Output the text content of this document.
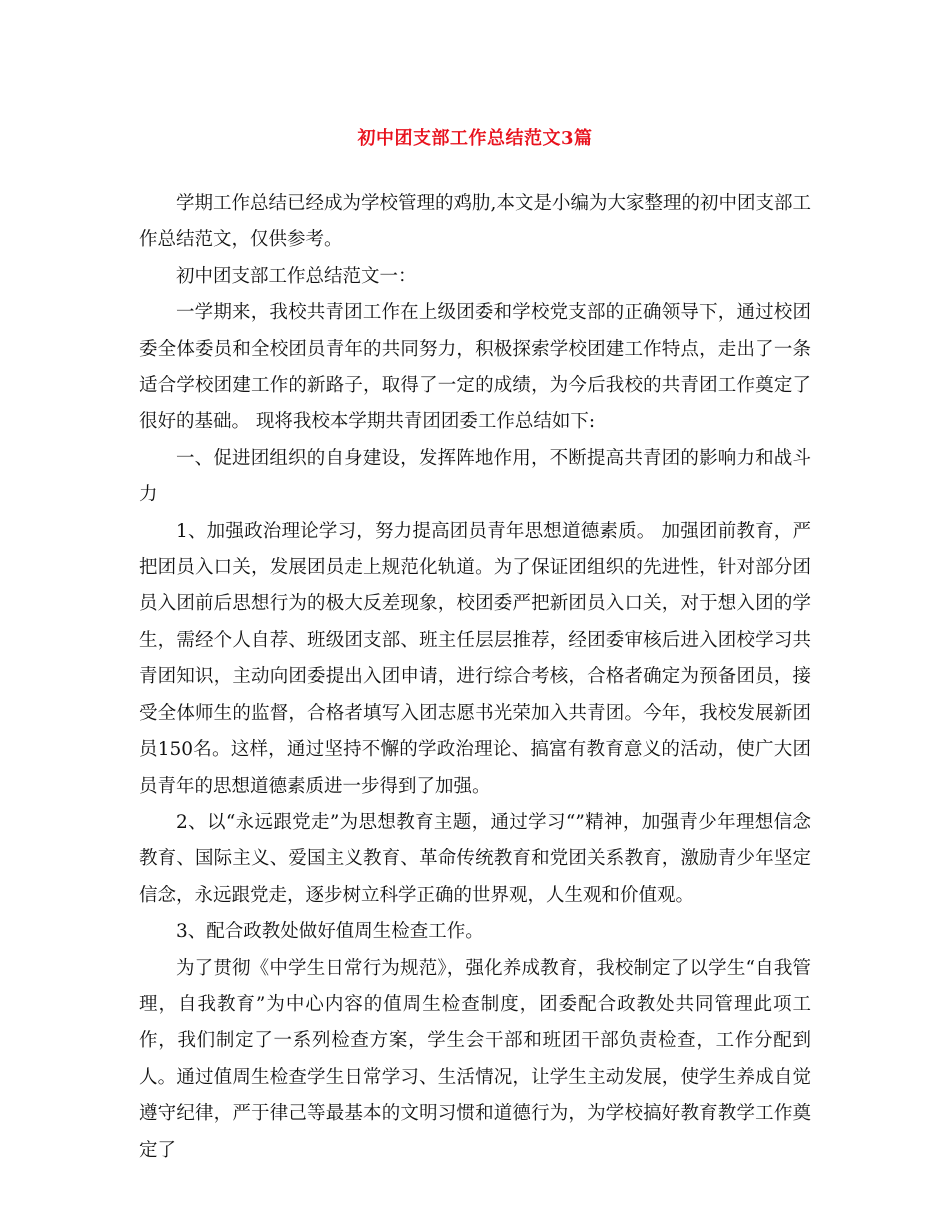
初中团支部工作总结范文3篇

学期工作总结已经成为学校管理的鸡肋,本文是小编为大家整理的初中团支部工作总结范文，仅供参考。

初中团支部工作总结范文一：

一学期来，我校共青团工作在上级团委和学校党支部的正确领导下，通过校团委全体委员和全校团员青年的共同努力，积极探索学校团建工作特点，走出了一条适合学校团建工作的新路子，取得了一定的成绩，为今后我校的共青团工作奠定了很好的基础。 现将我校本学期共青团团委工作总结如下:

一、促进团组织的自身建设，发挥阵地作用，不断提高共青团的影响力和战斗力

1、加强政治理论学习，努力提高团员青年思想道德素质。 加强团前教育，严把团员入口关，发展团员走上规范化轨道。为了保证团组织的先进性，针对部分团员入团前后思想行为的极大反差现象，校团委严把新团员入口关，对于想入团的学生，需经个人自荐、班级团支部、班主任层层推荐，经团委审核后进入团校学习共青团知识，主动向团委提出入团申请，进行综合考核，合格者确定为预备团员，接受全体师生的监督，合格者填写入团志愿书光荣加入共青团。今年，我校发展新团员150名。这样，通过坚持不懈的学政治理论、搞富有教育意义的活动，使广大团员青年的思想道德素质进一步得到了加强。

2、以“永远跟党走”为思想教育主题，通过学习“”精神，加强青少年理想信念教育、国际主义、爱国主义教育、革命传统教育和党团关系教育，激励青少年坚定信念，永远跟党走，逐步树立科学正确的世界观，人生观和价值观。

3、配合政教处做好值周生检查工作。

为了贯彻《中学生日常行为规范》，强化养成教育，我校制定了以学生“自我管理，自我教育”为中心内容的值周生检查制度，团委配合政教处共同管理此项工作，我们制定了一系列检查方案，学生会干部和班团干部负责检查，工作分配到人。通过值周生检查学生日常学习、生活情况，让学生主动发展，使学生养成自觉遵守纪律，严于律己等最基本的文明习惯和道德行为，为学校搞好教育教学工作奠定了
